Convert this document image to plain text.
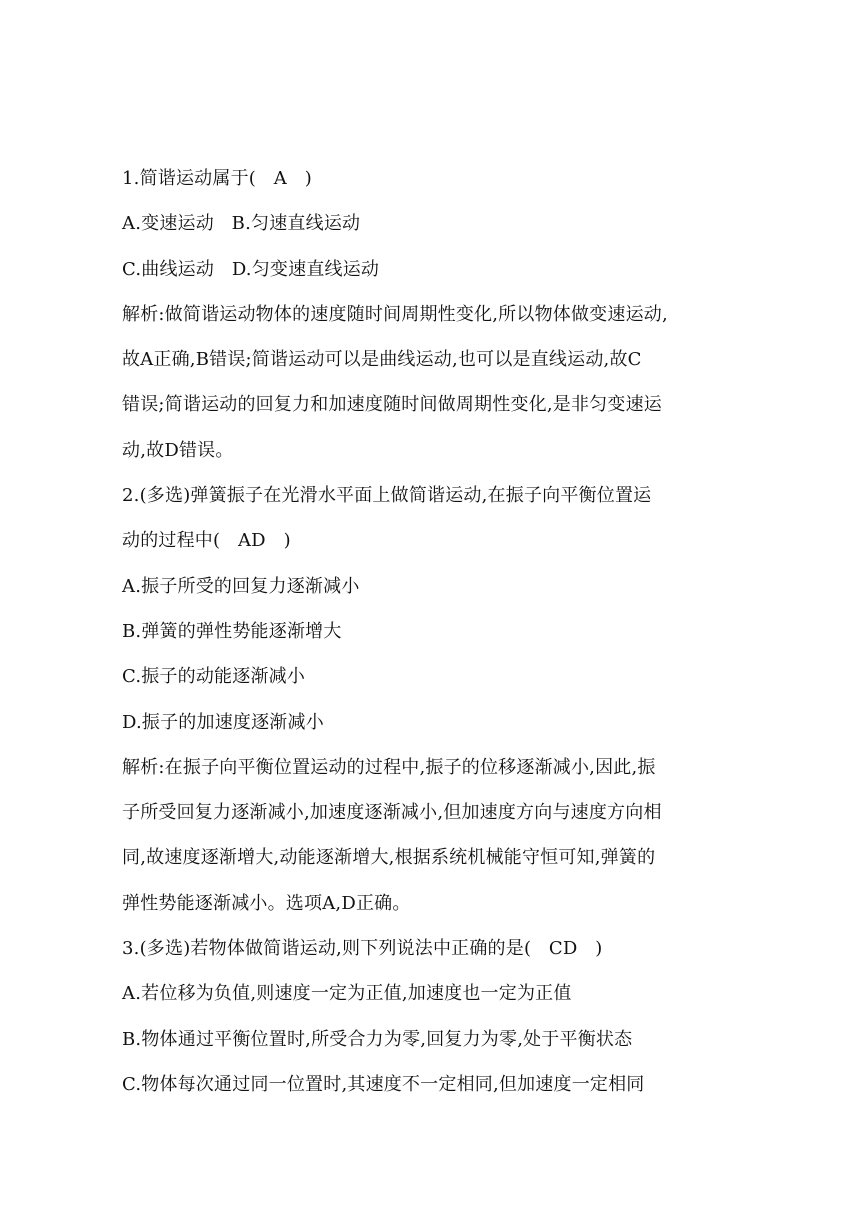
1.简谐运动属于(   A   )
A.变速运动   B.匀速直线运动
C.曲线运动   D.匀变速直线运动
解析:做简谐运动物体的速度随时间周期性变化,所以物体做变速运动,
故A正确,B错误;简谐运动可以是曲线运动,也可以是直线运动,故C
错误;简谐运动的回复力和加速度随时间做周期性变化,是非匀变速运
动,故D错误。
2.(多选)弹簧振子在光滑水平面上做简谐运动,在振子向平衡位置运
动的过程中(   AD   )
A.振子所受的回复力逐渐减小
B.弹簧的弹性势能逐渐增大
C.振子的动能逐渐减小
D.振子的加速度逐渐减小
解析:在振子向平衡位置运动的过程中,振子的位移逐渐减小,因此,振
子所受回复力逐渐减小,加速度逐渐减小,但加速度方向与速度方向相
同,故速度逐渐增大,动能逐渐增大,根据系统机械能守恒可知,弹簧的
弹性势能逐渐减小。选项A,D正确。
3.(多选)若物体做简谐运动,则下列说法中正确的是(   CD   )
A.若位移为负值,则速度一定为正值,加速度也一定为正值
B.物体通过平衡位置时,所受合力为零,回复力为零,处于平衡状态
C.物体每次通过同一位置时,其速度不一定相同,但加速度一定相同
